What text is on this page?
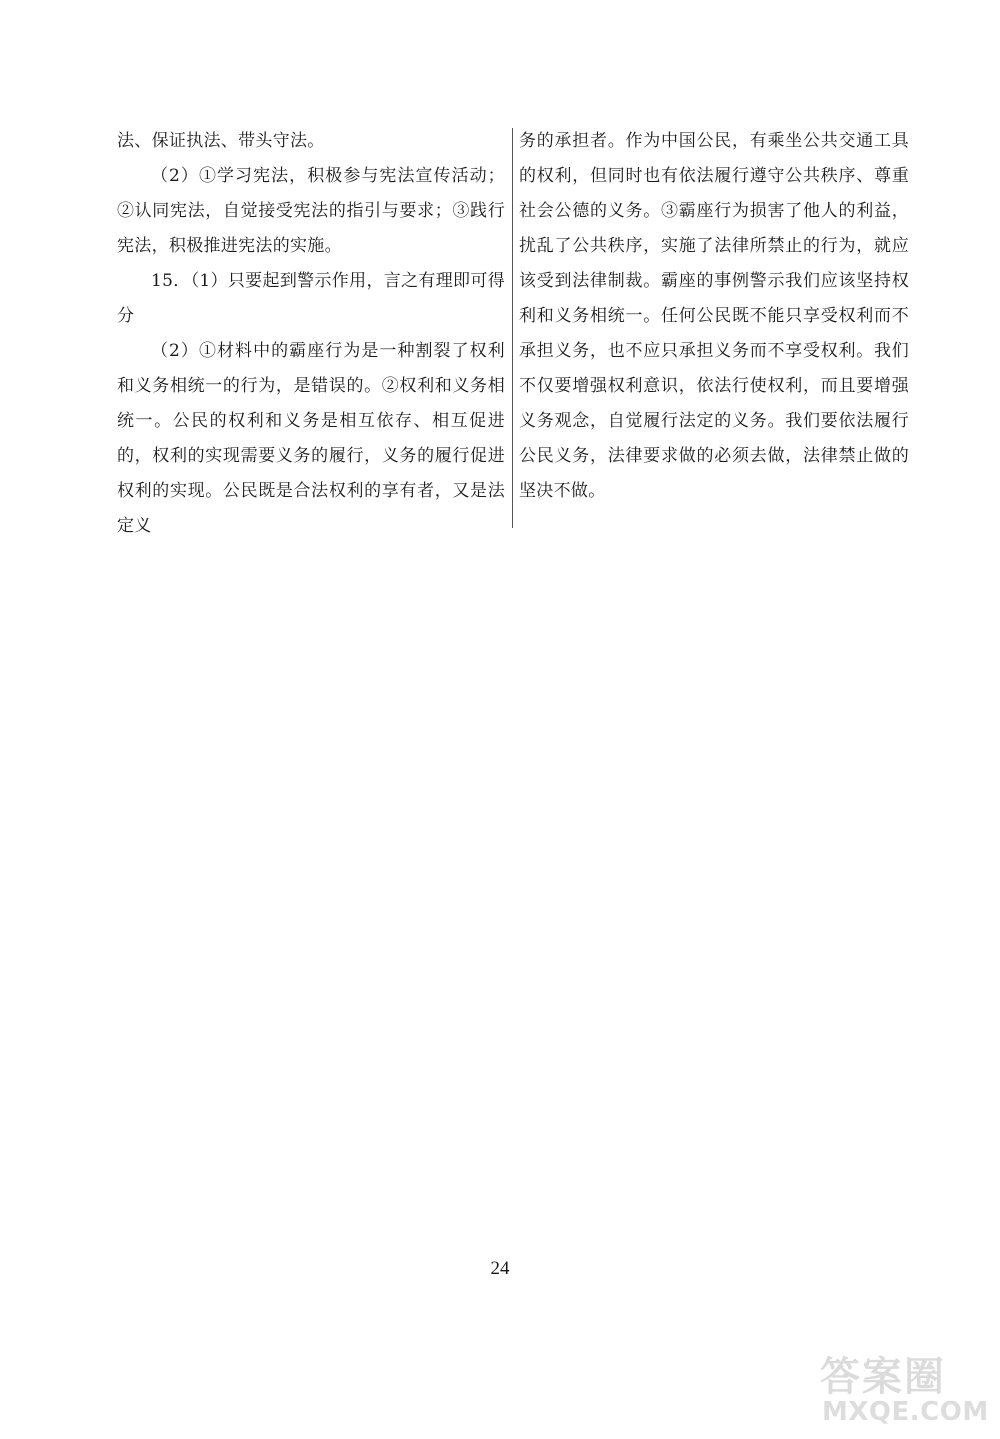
法、保证执法、带头守法。

（2）①学习宪法，积极参与宪法宣传活动；②认同宪法，自觉接受宪法的指引与要求；③践行宪法，积极推进宪法的实施。

15．（1）只要起到警示作用，言之有理即可得分

（2）①材料中的霸座行为是一种割裂了权利和义务相统一的行为，是错误的。②权利和义务相统一。公民的权利和义务是相互依存、相互促进的，权利的实现需要义务的履行，义务的履行促进权利的实现。公民既是合法权利的享有者，又是法定义

务的承担者。作为中国公民，有乘坐公共交通工具的权利，但同时也有依法履行遵守公共秩序、尊重社会公德的义务。③霸座行为损害了他人的利益，扰乱了公共秩序，实施了法律所禁止的行为，就应该受到法律制裁。霸座的事例警示我们应该坚持权利和义务相统一。任何公民既不能只享受权利而不承担义务，也不应只承担义务而不享受权利。我们不仅要增强权利意识，依法行使权利，而且要增强义务观念，自觉履行法定的义务。我们要依法履行公民义务，法律要求做的必须去做，法律禁止做的坚决不做。

24
答案圈
MXQE.COM
